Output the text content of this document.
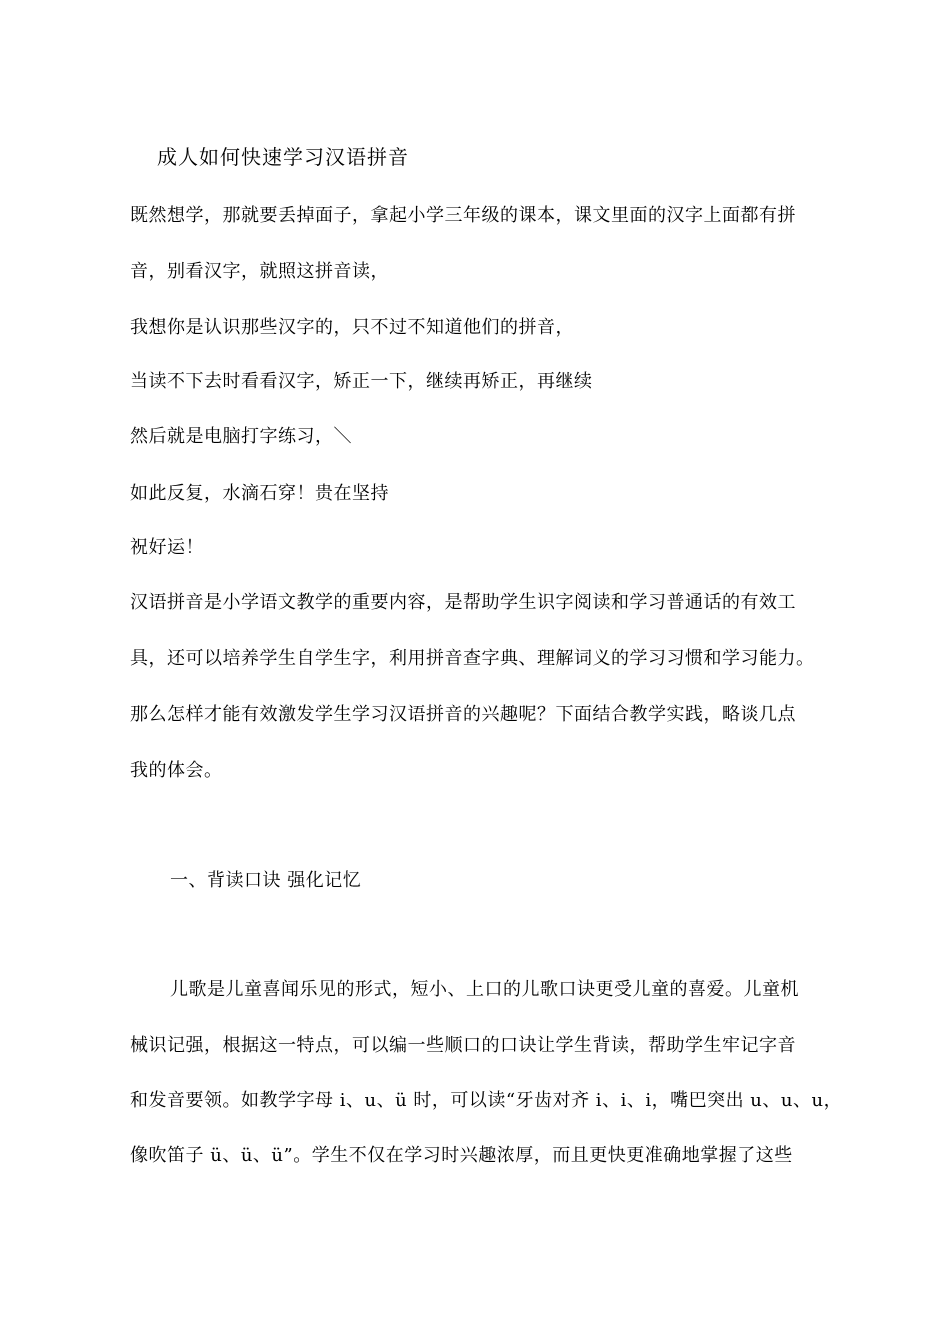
成人如何快速学习汉语拼音
既然想学，那就要丢掉面子，拿起小学三年级的课本，课文里面的汉字上面都有拼
音，别看汉字，就照这拼音读，
我想你是认识那些汉字的，只不过不知道他们的拼音，
当读不下去时看看汉字，矫正一下，继续再矫正，再继续
然后就是电脑打字练习，＼
如此反复，水滴石穿！贵在坚持
祝好运！
汉语拼音是小学语文教学的重要内容，是帮助学生识字阅读和学习普通话的有效工
具，还可以培养学生自学生字，利用拼音查字典、理解词义的学习习惯和学习能力。
那么怎样才能有效激发学生学习汉语拼音的兴趣呢？下面结合教学实践，略谈几点
我的体会。
一、背读口诀 强化记忆
儿歌是儿童喜闻乐见的形式，短小、上口的儿歌口诀更受儿童的喜爱。儿童机
械识记强，根据这一特点，可以编一些顺口的口诀让学生背读，帮助学生牢记字音
和发音要领。如教学字母 i、u、ü 时，可以读“牙齿对齐 i、i、i，嘴巴突出 u、u、u，
像吹笛子 ü、ü、ü”。学生不仅在学习时兴趣浓厚，而且更快更准确地掌握了这些
